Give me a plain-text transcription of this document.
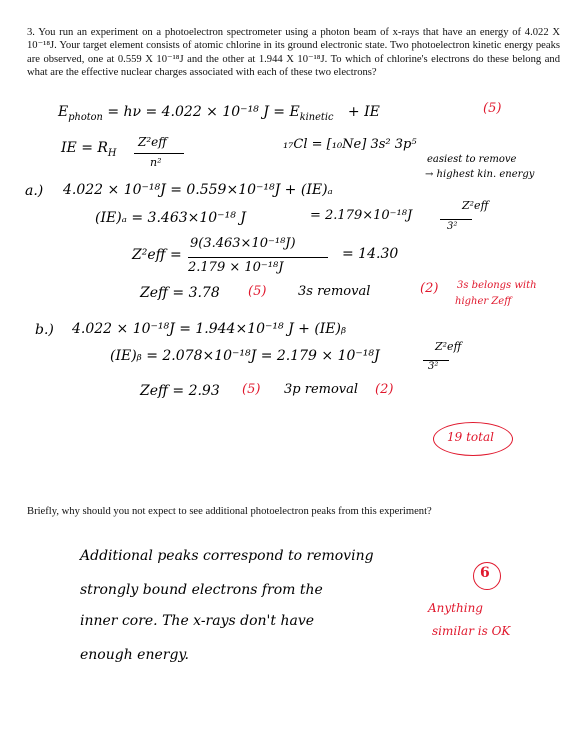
3. You run an experiment on a photoelectron spectrometer using a photon beam of x-rays that have an energy of 4.022 X 10⁻¹⁸J. Your target element consists of atomic chlorine in its ground electronic state. Two photoelectron kinetic energy peaks are observed, one at 0.559 X 10⁻¹⁸J and the other at 1.944 X 10⁻¹⁸J. To which of chlorine's electrons do these belong and what are the effective nuclear charges associated with each of these two electrons?
$E_{photon} = h\nu = 4.022 \times 10^{-18}$ $J = E_{kinetic}$ + IE	(5)
IE = $R_H$
Z²eff
n²
₁₇Cl = [₁₀Ne] 3s² 3p⁵
easiest to remove
→ highest kin. energy
a.) 4.022 × 10⁻¹⁸J = 0.559×10⁻¹⁸J + (IE)ₐ
(IE)ₐ = 3.463×10⁻¹⁸ J	= 2.179×10⁻¹⁸J
Z²eff
3²
Z²eff =
9(3.463×10⁻¹⁸J)
2.179 × 10⁻¹⁸J
= 14.30
Zeff = 3.78 (5) 3s removal	(2) 3s belongs with
higher Zeff
b.) 4.022 × 10⁻¹⁸J = 1.944×10⁻¹⁸ J + (IE)ᵦ
(IE)ᵦ = 2.078×10⁻¹⁸J = 2.179 × 10⁻¹⁸J
Z²eff
3²
Zeff = 2.93 (5) 3p removal (2)
19 total
Briefly, why should you not expect to see additional photoelectron peaks from this experiment?
Additional peaks correspond to removing
strongly bound electrons from the
inner core. The x-rays don't have
enough energy.
6
Anything
similar is OK
